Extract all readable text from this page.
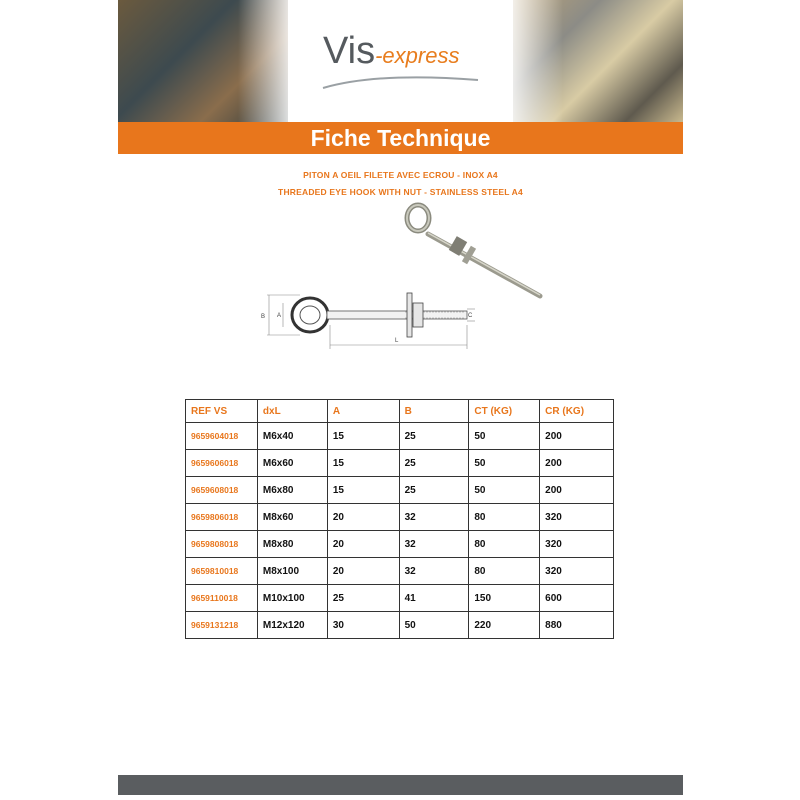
Vis-express
Fiche Technique
PITON A OEIL FILETE AVEC ECROU - INOX A4
THREADED EYE HOOK WITH NUT - STAINLESS STEEL A4
B A	C
L
REF VS	dxL	A	B	CT (KG)	CR (KG)
9659604018	M6x40	15	25	50	200
9659606018	M6x60	15	25	50	200
9659608018	M6x80	15	25	50	200
9659806018	M8x60	20	32	80	320
9659808018	M8x80	20	32	80	320
9659810018	M8x100	20	32	80	320
9659110018	M10x100	25	41	150	600
9659131218	M12x120	30	50	220	880
